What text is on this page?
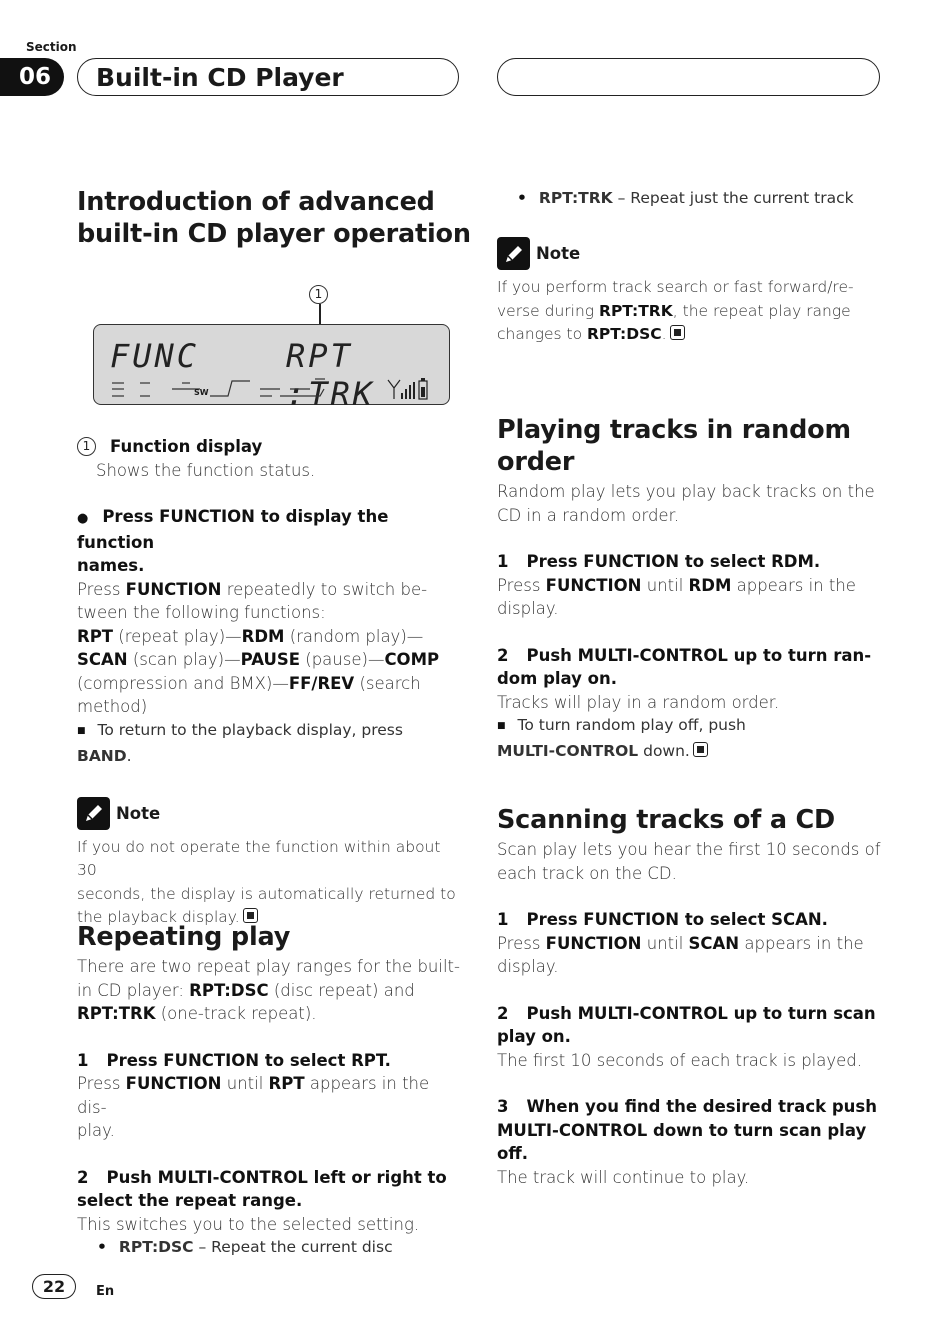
Section
06	Built-in CD Player
Introduction of advanced
built-in CD player operation
1
FUNC	RPT :TRK
SW
1	Function display
Shows the function status.
● Press FUNCTION to display the function
names.
Press FUNCTION repeatedly to switch be-
tween the following functions:
RPT (repeat play)—RDM (random play)—
SCAN (scan play)—PAUSE (pause)—COMP
(compression and BMX)—FF/REV (search
method)
■ To return to the playback display, press BAND.
Note
If you do not operate the function within about 30
seconds, the display is automatically returned to
the playback display.
Repeating play
There are two repeat play ranges for the built-
in CD player: RPT:DSC (disc repeat) and
RPT:TRK (one-track repeat).
1 Press FUNCTION to select RPT.
Press FUNCTION until RPT appears in the dis-
play.
2 Push MULTI-CONTROL left or right to
select the repeat range.
This switches you to the selected setting.
• RPT:DSC – Repeat the current disc
• RPT:TRK – Repeat just the current track
Note
If you perform track search or fast forward/re-
verse during RPT:TRK, the repeat play range
changes to RPT:DSC.
Playing tracks in random order
Random play lets you play back tracks on the
CD in a random order.
1 Press FUNCTION to select RDM.
Press FUNCTION until RDM appears in the
display.
2 Push MULTI-CONTROL up to turn ran-
dom play on.
Tracks will play in a random order.
■ To turn random play off, push
MULTI-CONTROL down.
Scanning tracks of a CD
Scan play lets you hear the first 10 seconds of
each track on the CD.
1 Press FUNCTION to select SCAN.
Press FUNCTION until SCAN appears in the
display.
2 Push MULTI-CONTROL up to turn scan
play on.
The first 10 seconds of each track is played.
3 When you find the desired track push
MULTI-CONTROL down to turn scan play
off.
The track will continue to play.
22	En
